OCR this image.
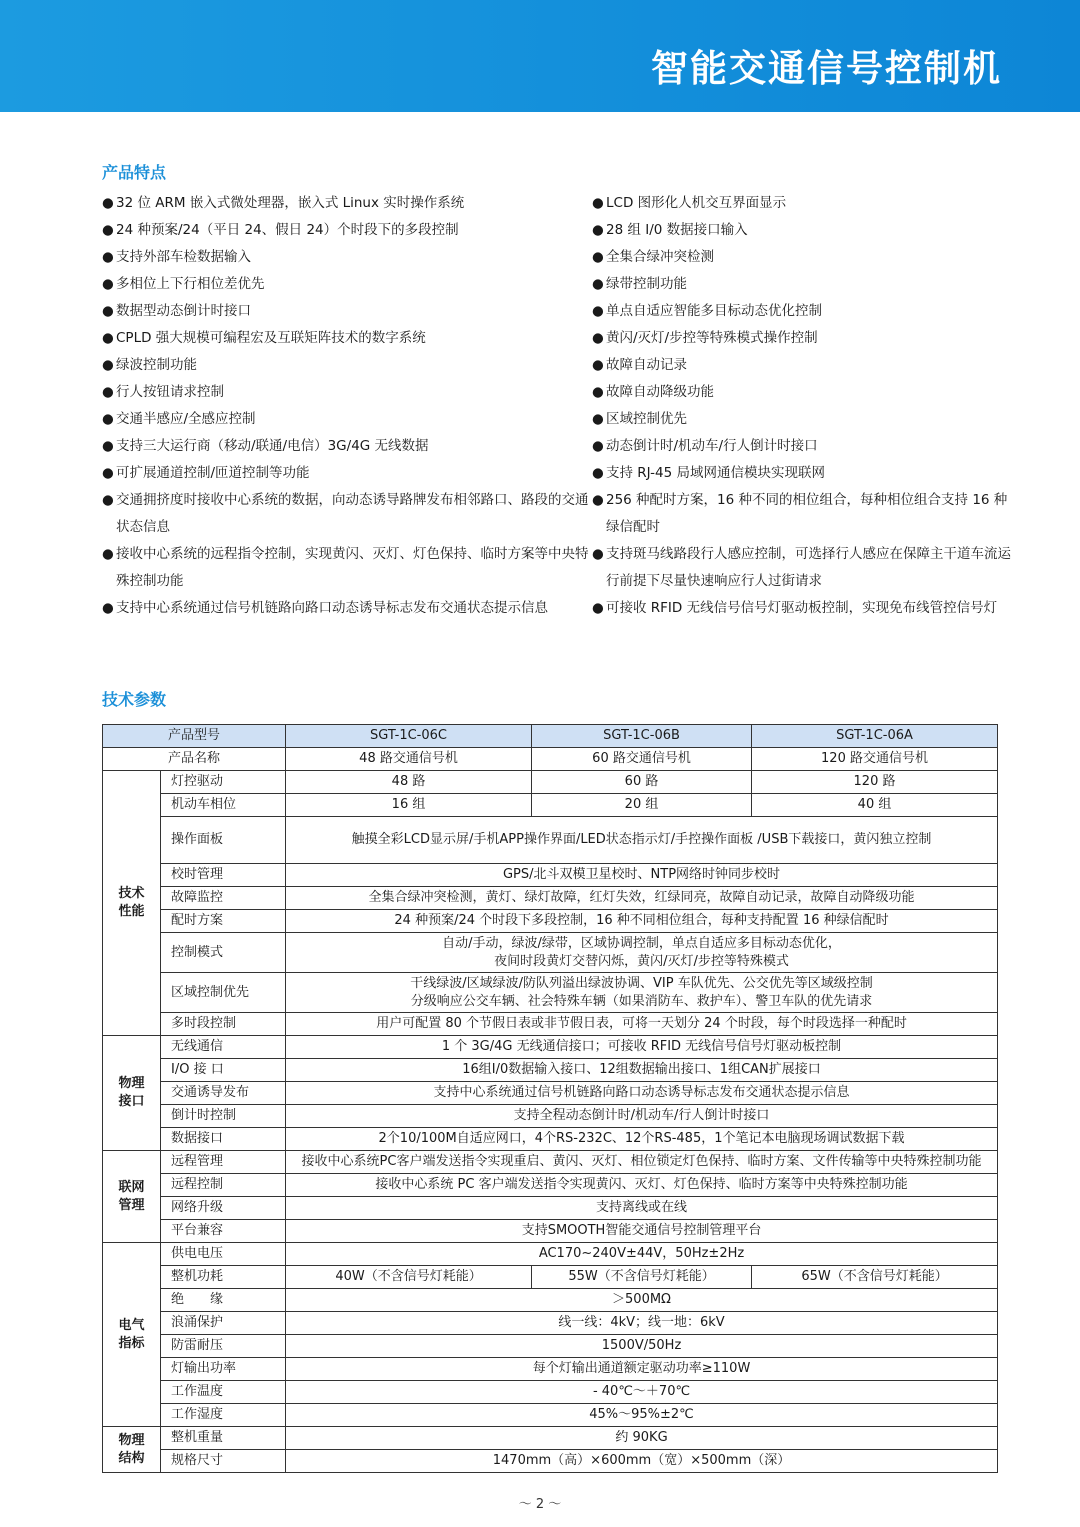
智能交通信号控制机
产品特点
● 32 位 ARM 嵌入式微处理器，嵌入式 Linux 实时操作系统	● LCD 图形化人机交互界面显示
● 24 种预案/24（平日 24、假日 24）个时段下的多段控制	● 28 组 I/0 数据接口输入
● 支持外部车检数据输入	● 全集合绿冲突检测
● 多相位上下行相位差优先	● 绿带控制功能
● 数据型动态倒计时接口	● 单点自适应智能多目标动态优化控制
● CPLD 强大规模可编程宏及互联矩阵技术的数字系统	● 黄闪/灭灯/步控等特殊模式操作控制
● 绿波控制功能	● 故障自动记录
● 行人按钮请求控制	● 故障自动降级功能
● 交通半感应/全感应控制	● 区域控制优先
● 支持三大运行商（移动/联通/电信）3G/4G 无线数据	● 动态倒计时/机动车/行人倒计时接口
● 可扩展通道控制/匝道控制等功能	● 支持 RJ-45 局域网通信模块实现联网
● 交通拥挤度时接收中心系统的数据，向动态诱导路牌发布相邻路口、路段的交通状态信息
● 256 种配时方案，16 种不同的相位组合，每种相位组合支持 16 种绿信配时
● 接收中心系统的远程指令控制，实现黄闪、灭灯、灯色保持、临时方案等中央特殊控制功能
● 支持斑马线路段行人感应控制，可选择行人感应在保障主干道车流运行前提下尽量快速响应行人过街请求
● 支持中心系统通过信号机链路向路口动态诱导标志发布交通状态提示信息	● 可接收 RFID 无线信号信号灯驱动板控制，实现免布线管控信号灯
技术参数
产品型号		SGT-1C-06C	SGT-1C-06B	SGT-1C-06A
产品名称		48 路交通信号机	60 路交通信号机	120 路交通信号机

技术
性能	灯控驱动	48 路	60 路	120 路
	机动车相位	16 组	20 组	40 组
	操作面板	触摸全彩LCD显示屏/手机APP操作界面/LED状态指示灯/手控操作面板 /USB下载接口，黄闪独立控制		

	校时管理	GPS/北斗双模卫星校时、NTP网络时钟同步校时		

	故障监控	全集合绿冲突检测，黄灯、绿灯故障，红灯失效，红绿同亮，故障自动记录，故障自动降级功能		

	配时方案	24 种预案/24 个时段下多段控制，16 种不同相位组合，每种支持配置 16 种绿信配时		

	控制模式	自动/手动，绿波/绿带，区域协调控制，单点自适应多目标动态优化，
夜间时段黄灯交替闪烁，黄闪/灭灯/步控等特殊模式		

	区域控制优先	干线绿波/区域绿波/防队列溢出绿波协调、VIP 车队优先、公交优先等区域级控制
分级响应公交车辆、社会特殊车辆（如果消防车、救护车）、警卫车队的优先请求		

	多时段控制	用户可配置 80 个节假日表或非节假日表，可将一天划分 24 个时段，每个时段选择一种配时		

物理
接口	无线通信	1 个 3G/4G 无线通信接口；可接收 RFID 无线信号信号灯驱动板控制		

	I/O 接 口	16组I/0数据输入接口、12组数据输出接口、1组CAN扩展接口		

	交通诱导发布	支持中心系统通过信号机链路向路口动态诱导标志发布交通状态提示信息		

	倒计时控制	支持全程动态倒计时/机动车/行人倒计时接口		

	数据接口	2个10/100M自适应网口，4个RS-232C、12个RS-485，1个笔记本电脑现场调试数据下载		

联网
管理	远程管理	接收中心系统PC客户端发送指令实现重启、黄闪、灭灯、相位锁定灯色保持、临时方案、文件传输等中央特殊控制功能		

	远程控制	接收中心系统 PC 客户端发送指令实现黄闪、灭灯、灯色保持、临时方案等中央特殊控制功能		

	网络升级	支持离线或在线		

	平台兼容	支持SMOOTH智能交通信号控制管理平台		

电气
指标	供电电压	AC170~240V±44V，50Hz±2Hz		

	整机功耗	40W（不含信号灯耗能）	55W（不含信号灯耗能）	65W（不含信号灯耗能）
	绝　　缘	＞500MΩ		

	浪涌保护	线一线：4kV；线一地：6kV		

	防雷耐压	1500V/50Hz		

	灯输出功率	每个灯输出通道额定驱动功率≥110W		

	工作温度	- 40℃～＋70℃		

	工作湿度	45%～95%±2℃		

物理
结构	整机重量	约 90KG		

	规格尺寸	1470mm（高）×600mm（宽）×500mm（深）		
～ 2 ～
